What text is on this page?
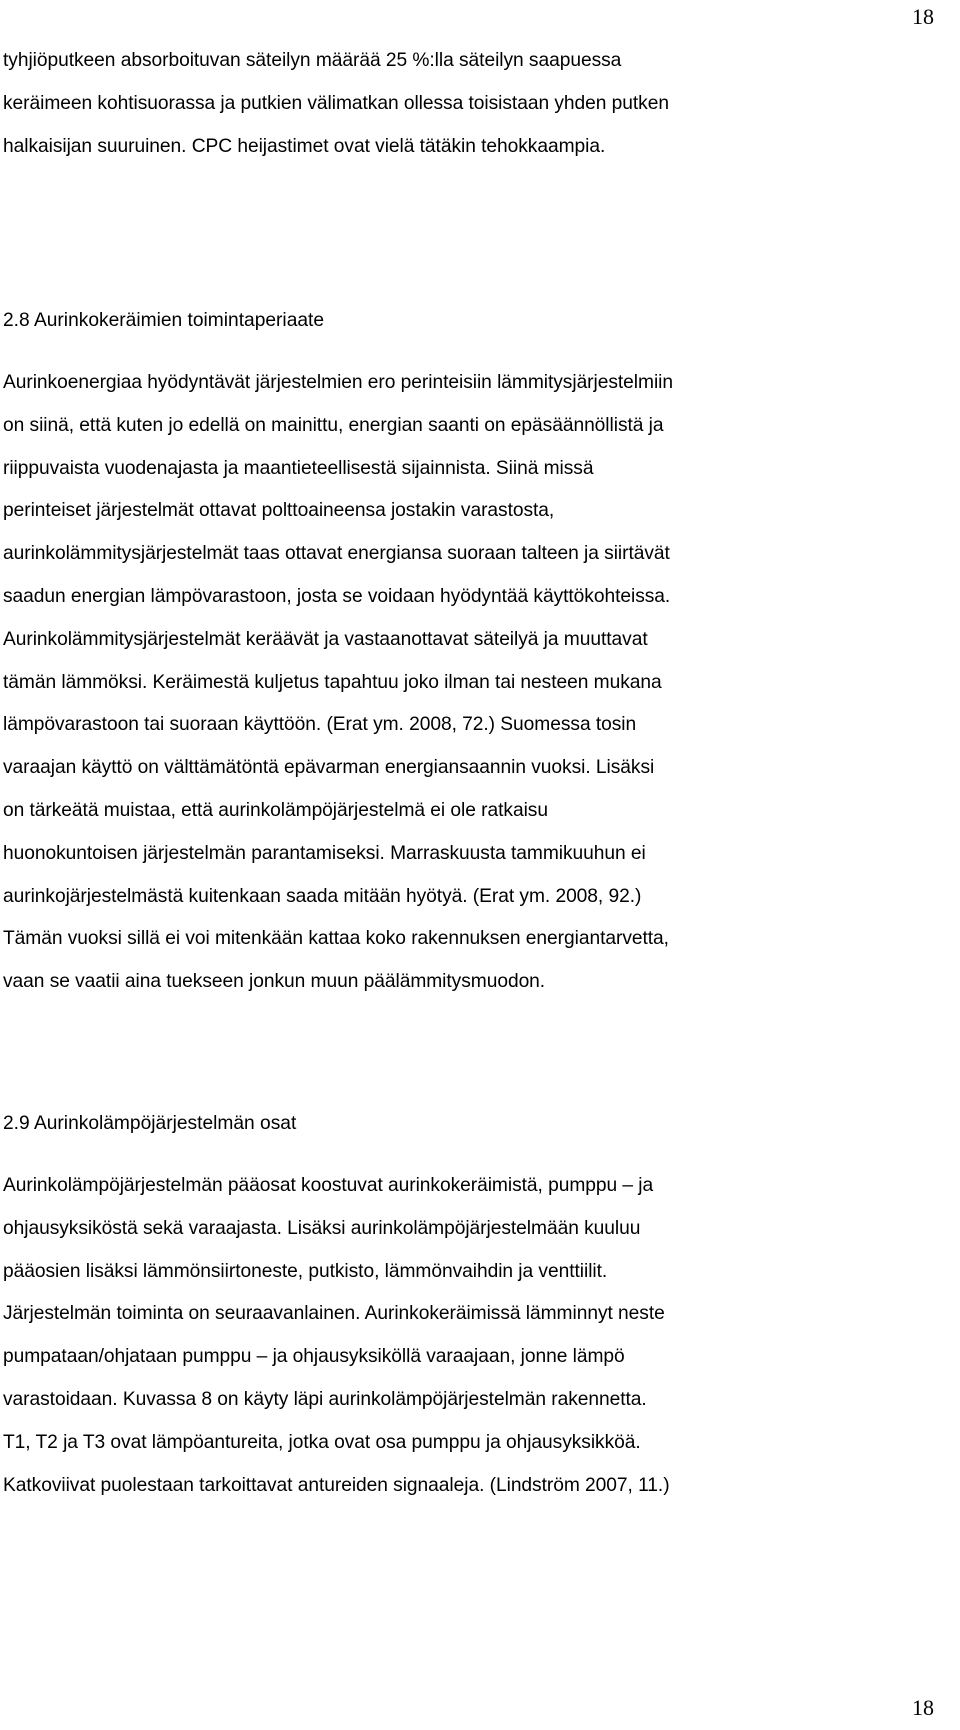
18
tyhjiöputkeen absorboituvan säteilyn määrää 25 %:lla säteilyn saapuessa
keräimeen kohtisuorassa ja putkien välimatkan ollessa toisistaan yhden putken
halkaisijan suuruinen. CPC heijastimet ovat vielä tätäkin tehokkaampia.
2.8 Aurinkokeräimien toimintaperiaate
Aurinkoenergiaa hyödyntävät järjestelmien ero perinteisiin lämmitysjärjestelmiin
on siinä, että kuten jo edellä on mainittu, energian saanti on epäsäännöllistä ja
riippuvaista vuodenajasta ja maantieteellisestä sijainnista. Siinä missä
perinteiset järjestelmät ottavat polttoaineensa jostakin varastosta,
aurinkolämmitysjärjestelmät taas ottavat energiansa suoraan talteen ja siirtävät
saadun energian lämpövarastoon, josta se voidaan hyödyntää käyttökohteissa.
Aurinkolämmitysjärjestelmät keräävät ja vastaanottavat säteilyä ja muuttavat
tämän lämmöksi. Keräimestä kuljetus tapahtuu joko ilman tai nesteen mukana
lämpövarastoon tai suoraan käyttöön. (Erat ym. 2008, 72.) Suomessa tosin
varaajan käyttö on välttämätöntä epävarman energiansaannin vuoksi. Lisäksi
on tärkeätä muistaa, että aurinkolämpöjärjestelmä ei ole ratkaisu
huonokuntoisen järjestelmän parantamiseksi. Marraskuusta tammikuuhun ei
aurinkojärjestelmästä kuitenkaan saada mitään hyötyä. (Erat ym. 2008, 92.)
Tämän vuoksi sillä ei voi mitenkään kattaa koko rakennuksen energiantarvetta,
vaan se vaatii aina tuekseen jonkun muun päälämmitysmuodon.
2.9 Aurinkolämpöjärjestelmän osat
Aurinkolämpöjärjestelmän pääosat koostuvat aurinkokeräimistä, pumppu – ja
ohjausyksiköstä sekä varaajasta. Lisäksi aurinkolämpöjärjestelmään kuuluu
pääosien lisäksi lämmönsiirtoneste, putkisto, lämmönvaihdin ja venttiilit.
Järjestelmän toiminta on seuraavanlainen. Aurinkokeräimissä lämminnyt neste
pumpataan/ohjataan pumppu – ja ohjausyksiköllä varaajaan, jonne lämpö
varastoidaan. Kuvassa 8 on käyty läpi aurinkolämpöjärjestelmän rakennetta.
T1, T2 ja T3 ovat lämpöantureita, jotka ovat osa pumppu ja ohjausyksikköä.
Katkoviivat puolestaan tarkoittavat antureiden signaaleja. (Lindström 2007, 11.)
18
